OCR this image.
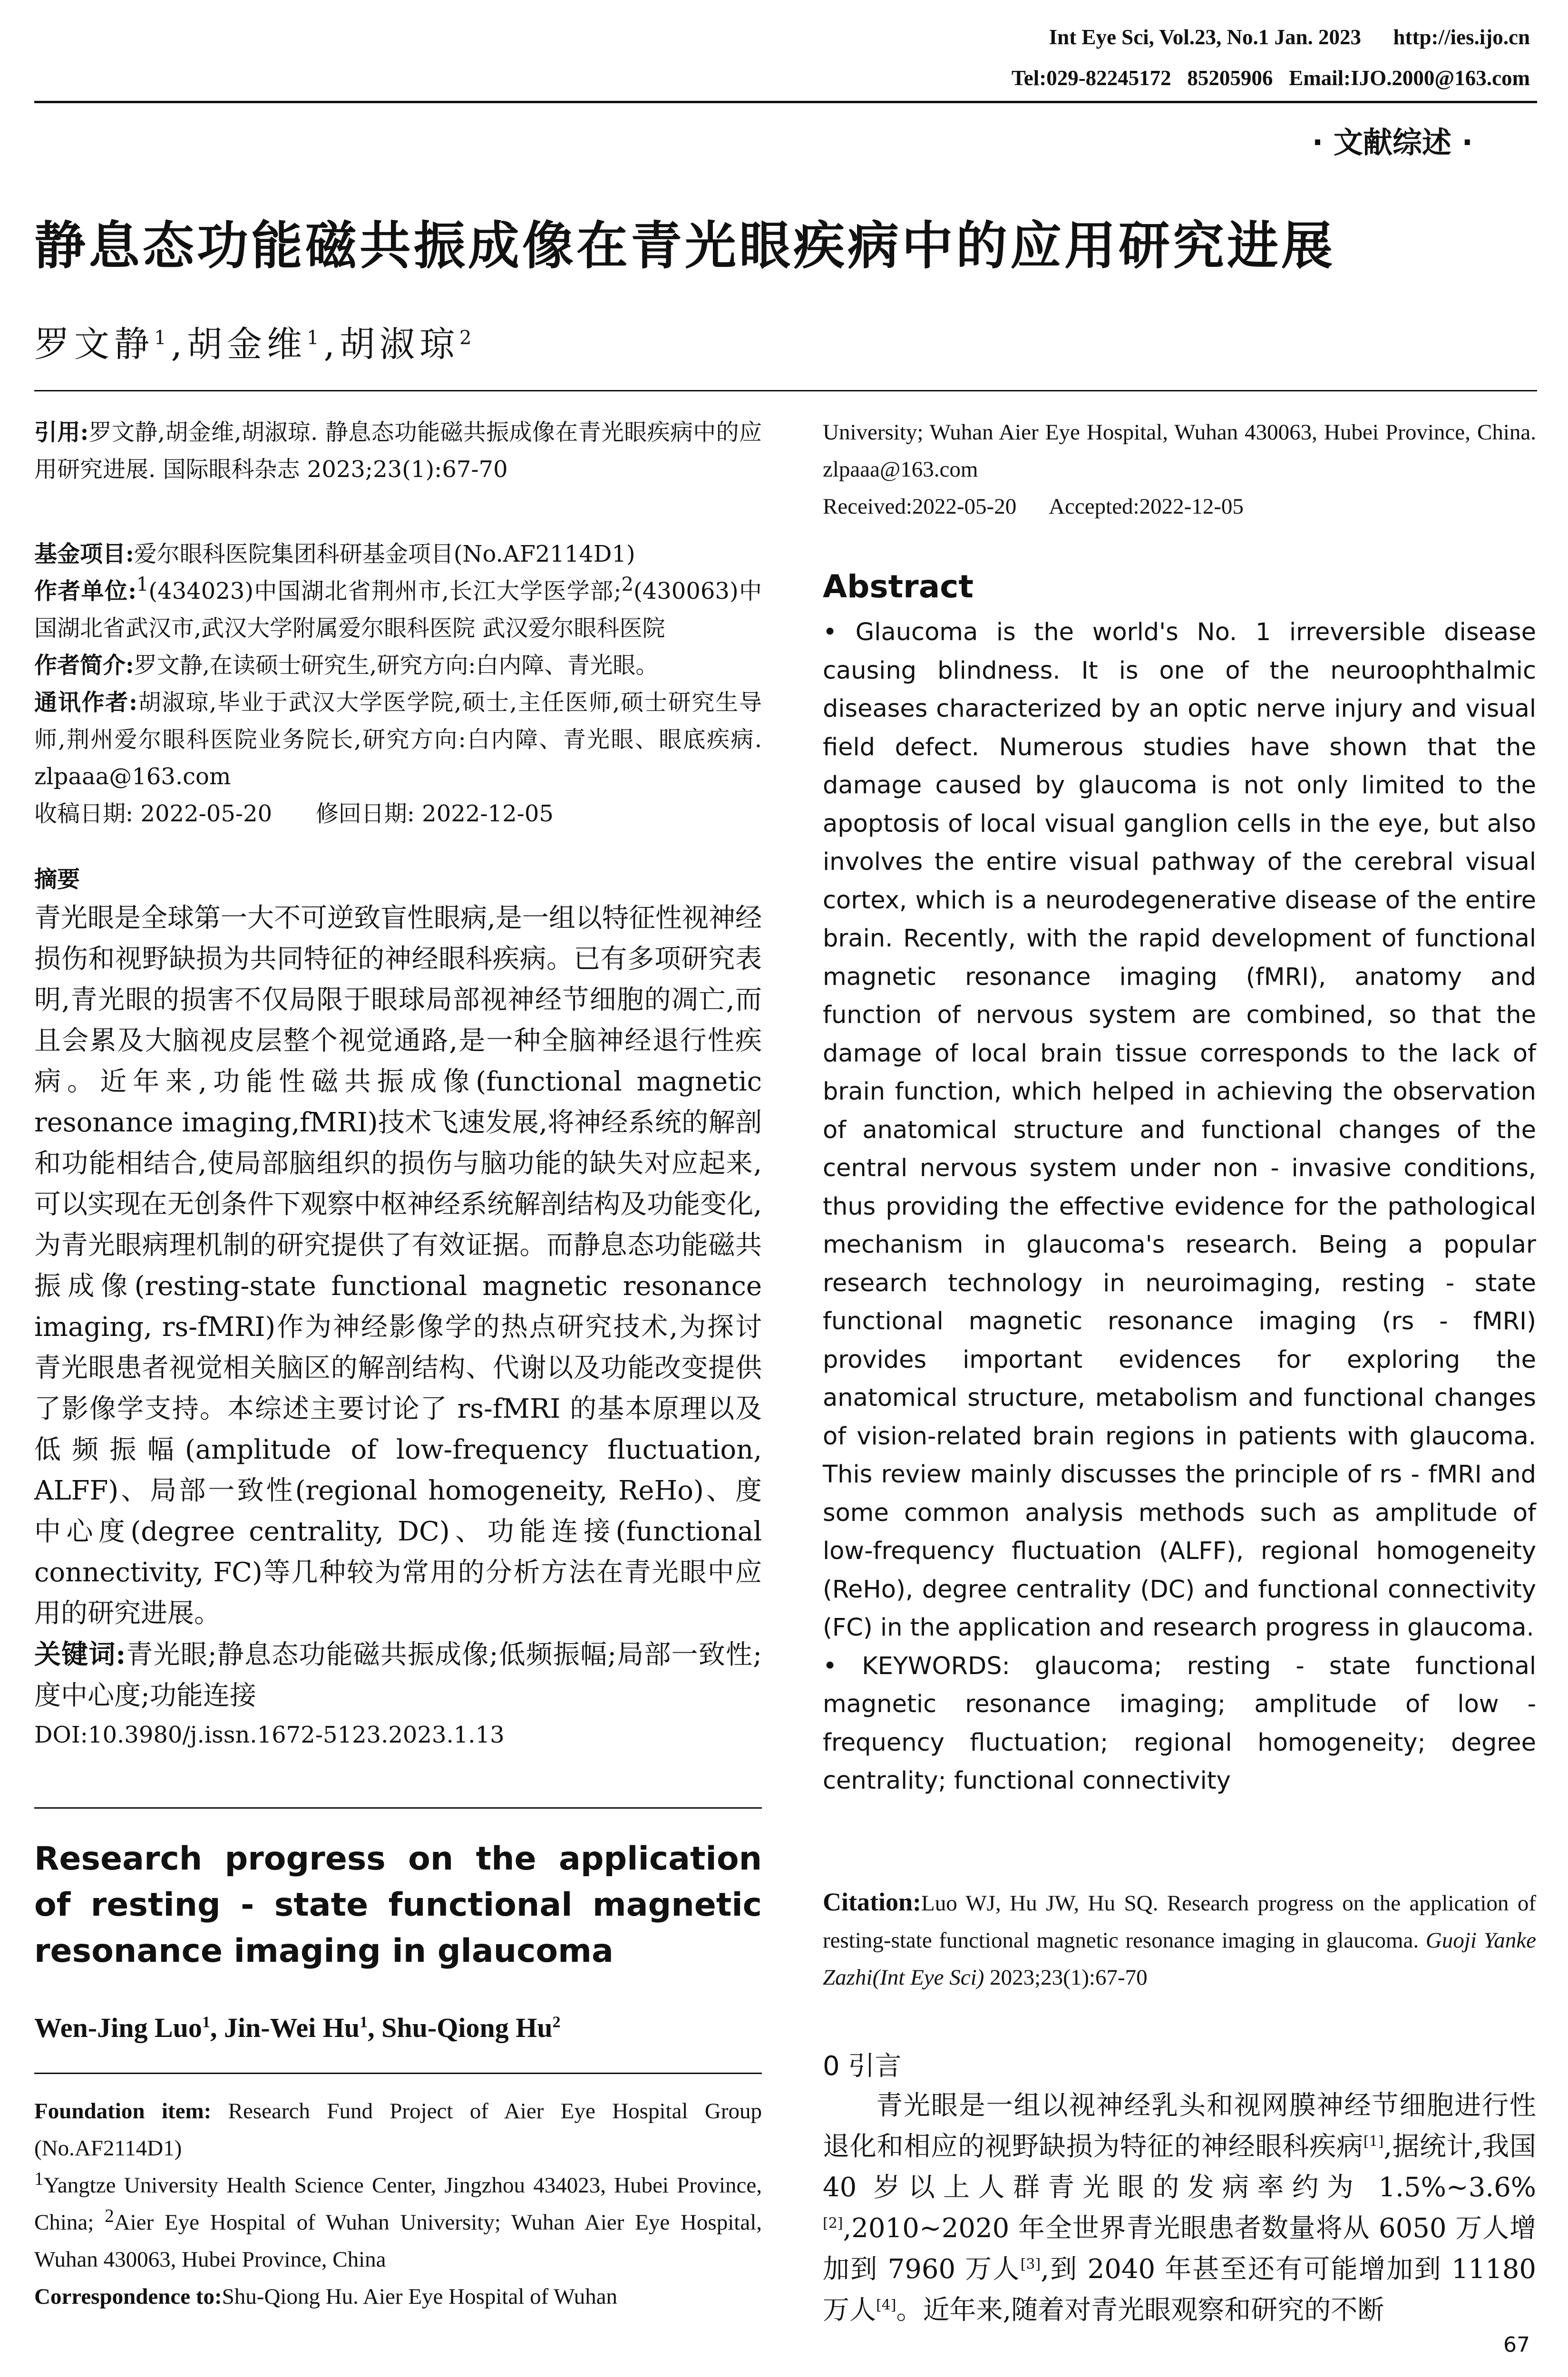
Int Eye Sci, Vol.23, No.1 Jan. 2023      http://ies.ijo.cn
Tel:029-82245172   85205906   Email:IJO.2000@163.com
· 文献综述 ·
静息态功能磁共振成像在青光眼疾病中的应用研究进展
罗文静$^1$,胡金维$^1$,胡淑琼$^2$

引用:罗文静,胡金维,胡淑琼. 静息态功能磁共振成像在青光眼疾病中的应用研究进展. 国际眼科杂志 2023;23(1):67-70

基金项目:爱尔眼科医院集团科研基金项目(No.AF2114D1)

作者单位:$^1$(434023)中国湖北省荆州市,长江大学医学部;$^2$(430063)中国湖北省武汉市,武汉大学附属爱尔眼科医院 武汉爱尔眼科医院

作者简介:罗文静,在读硕士研究生,研究方向:白内障、青光眼。

通讯作者:胡淑琼,毕业于武汉大学医学院,硕士,主任医师,硕士研究生导师,荆州爱尔眼科医院业务院长,研究方向:白内障、青光眼、眼底疾病. zlpaaa@163.com

收稿日期: 2022-05-20      修回日期: 2022-12-05

摘要

青光眼是全球第一大不可逆致盲性眼病,是一组以特征性视神经损伤和视野缺损为共同特征的神经眼科疾病。已有多项研究表明,青光眼的损害不仅局限于眼球局部视神经节细胞的凋亡,而且会累及大脑视皮层整个视觉通路,是一种全脑神经退行性疾病。近年来,功能性磁共振成像(functional magnetic resonance imaging,fMRI)技术飞速发展,将神经系统的解剖和功能相结合,使局部脑组织的损伤与脑功能的缺失对应起来,可以实现在无创条件下观察中枢神经系统解剖结构及功能变化,为青光眼病理机制的研究提供了有效证据。而静息态功能磁共振成像(resting-state functional magnetic resonance imaging, rs-fMRI)作为神经影像学的热点研究技术,为探讨青光眼患者视觉相关脑区的解剖结构、代谢以及功能改变提供了影像学支持。本综述主要讨论了 rs-fMRI 的基本原理以及低频振幅(amplitude of low-frequency fluctuation, ALFF)、局部一致性(regional homogeneity, ReHo)、度中心度(degree centrality, DC)、功能连接(functional connectivity, FC)等几种较为常用的分析方法在青光眼中应用的研究进展。

关键词:青光眼;静息态功能磁共振成像;低频振幅;局部一致性;度中心度;功能连接

DOI:10.3980/j.issn.1672-5123.2023.1.13

Research progress on the application of resting - state functional magnetic resonance imaging in glaucoma
Wen-Jing Luo$^1$, Jin-Wei Hu$^1$, Shu-Qiong Hu$^2$

Foundation item: Research Fund Project of Aier Eye Hospital Group (No.AF2114D1)

$^1$Yangtze University Health Science Center, Jingzhou 434023, Hubei Province, China; $^2$Aier Eye Hospital of Wuhan University; Wuhan Aier Eye Hospital, Wuhan 430063, Hubei Province, China

Correspondence to:Shu-Qiong Hu. Aier Eye Hospital of Wuhan

University; Wuhan Aier Eye Hospital, Wuhan 430063, Hubei Province, China. zlpaaa@163.com

Received:2022-05-20      Accepted:2022-12-05

Abstract

• Glaucoma is the world's No. 1 irreversible disease causing blindness. It is one of the neuroophthalmic diseases characterized by an optic nerve injury and visual field defect. Numerous studies have shown that the damage caused by glaucoma is not only limited to the apoptosis of local visual ganglion cells in the eye, but also involves the entire visual pathway of the cerebral visual cortex, which is a neurodegenerative disease of the entire brain. Recently, with the rapid development of functional magnetic resonance imaging (fMRI), anatomy and function of nervous system are combined, so that the damage of local brain tissue corresponds to the lack of brain function, which helped in achieving the observation of anatomical structure and functional changes of the central nervous system under non - invasive conditions, thus providing the effective evidence for the pathological mechanism in glaucoma's research. Being a popular research technology in neuroimaging, resting - state functional magnetic resonance imaging (rs - fMRI) provides important evidences for exploring the anatomical structure, metabolism and functional changes of vision-related brain regions in patients with glaucoma. This review mainly discusses the principle of rs - fMRI and some common analysis methods such as amplitude of low-frequency fluctuation (ALFF), regional homogeneity (ReHo), degree centrality (DC) and functional connectivity (FC) in the application and research progress in glaucoma.

• KEYWORDS: glaucoma; resting - state functional magnetic resonance imaging; amplitude of low - frequency fluctuation; regional homogeneity; degree centrality; functional connectivity

Citation:Luo WJ, Hu JW, Hu SQ. Research progress on the application of resting-state functional magnetic resonance imaging in glaucoma. Guoji Yanke Zazhi(Int Eye Sci) 2023;23(1):67-70

0 引言

青光眼是一组以视神经乳头和视网膜神经节细胞进行性退化和相应的视野缺损为特征的神经眼科疾病[1],据统计,我国 40 岁以上人群青光眼的发病率约为 1.5%~3.6%[2],2010~2020 年全世界青光眼患者数量将从 6050 万人增加到 7960 万人[3],到 2040 年甚至还有可能增加到 11180 万人[4]。近年来,随着对青光眼观察和研究的不断

67
